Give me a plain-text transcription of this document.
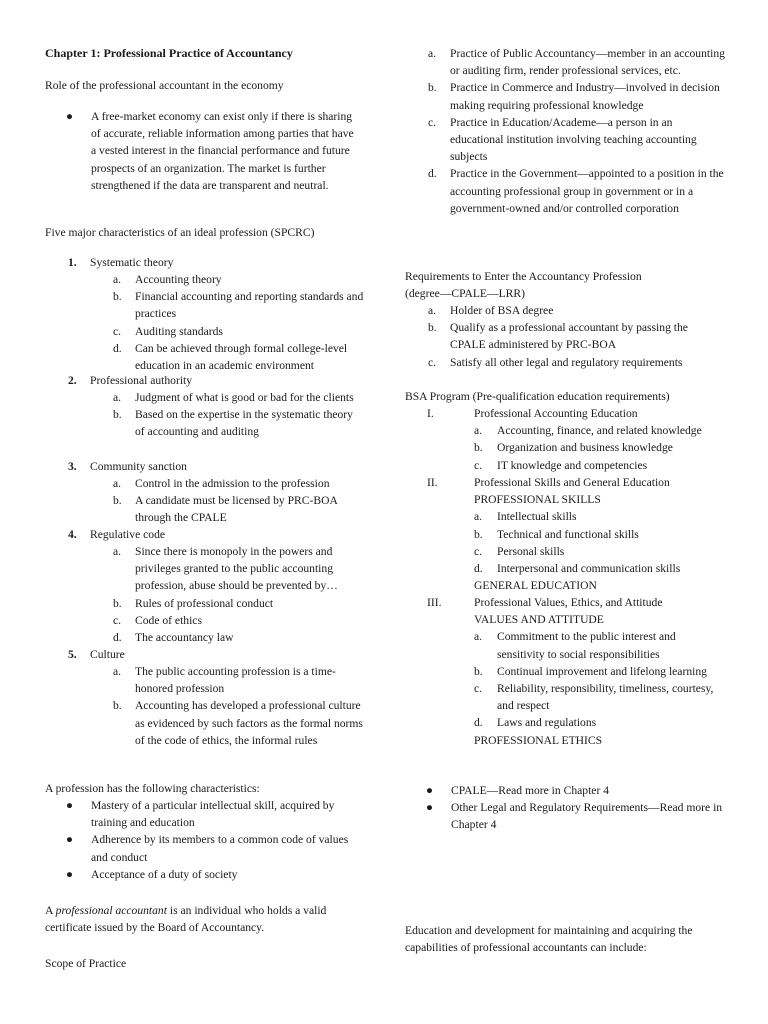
Chapter 1: Professional Practice of Accountancy

Role of the professional accountant in the economy

● A free-market economy can exist only if there is sharing of accurate, reliable information among parties that have a vested interest in the financial performance and future prospects of an organization. The market is further strengthened if the data are transparent and neutral.

Five major characteristics of an ideal profession (SPCRC)

1. Systematic theory
a. Accounting theory
b. Financial accounting and reporting standards and practices
c. Auditing standards
d. Can be achieved through formal college-level education in an academic environment
2. Professional authority
a. Judgment of what is good or bad for the clients
b. Based on the expertise in the systematic theory of accounting and auditing
3. Community sanction
a. Control in the admission to the profession
b. A candidate must be licensed by PRC-BOA through the CPALE
4. Regulative code
a. Since there is monopoly in the powers and privileges granted to the public accounting profession, abuse should be prevented by…
b. Rules of professional conduct
c. Code of ethics
d. The accountancy law
5. Culture
a. The public accounting profession is a time-honored profession
b. Accounting has developed a professional culture as evidenced by such factors as the formal norms of the code of ethics, the informal rules

A profession has the following characteristics:

● Mastery of a particular intellectual skill, acquired by training and education
● Adherence by its members to a common code of values and conduct
● Acceptance of a duty of society

A professional accountant is an individual who holds a valid certificate issued by the Board of Accountancy.

Scope of Practice

a. Practice of Public Accountancy—member in an accounting or auditing firm, render professional services, etc.
b. Practice in Commerce and Industry—involved in decision making requiring professional knowledge
c. Practice in Education/Academe—a person in an educational institution involving teaching accounting subjects
d. Practice in the Government—appointed to a position in the accounting professional group in government or in a government-owned and/or controlled corporation

Requirements to Enter the Accountancy Profession

(degree—CPALE—LRR)

a. Holder of BSA degree
b. Qualify as a professional accountant by passing the CPALE administered by PRC-BOA
c. Satisfy all other legal and regulatory requirements

BSA Program (Pre-qualification education requirements)

I.	Professional Accounting Education
a. Accounting, finance, and related knowledge
b. Organization and business knowledge
c. IT knowledge and competencies
II.	Professional Skills and General Education
PROFESSIONAL SKILLS
a. Intellectual skills
b. Technical and functional skills
c. Personal skills
d. Interpersonal and communication skills
GENERAL EDUCATION
III.	Professional Values, Ethics, and Attitude
VALUES AND ATTITUDE
a. Commitment to the public interest and sensitivity to social responsibilities
b. Continual improvement and lifelong learning
c. Reliability, responsibility, timeliness, courtesy, and respect
d. Laws and regulations
PROFESSIONAL ETHICS
● CPALE—Read more in Chapter 4
● Other Legal and Regulatory Requirements—Read more in Chapter 4

Education and development for maintaining and acquiring the capabilities of professional accountants can include:
